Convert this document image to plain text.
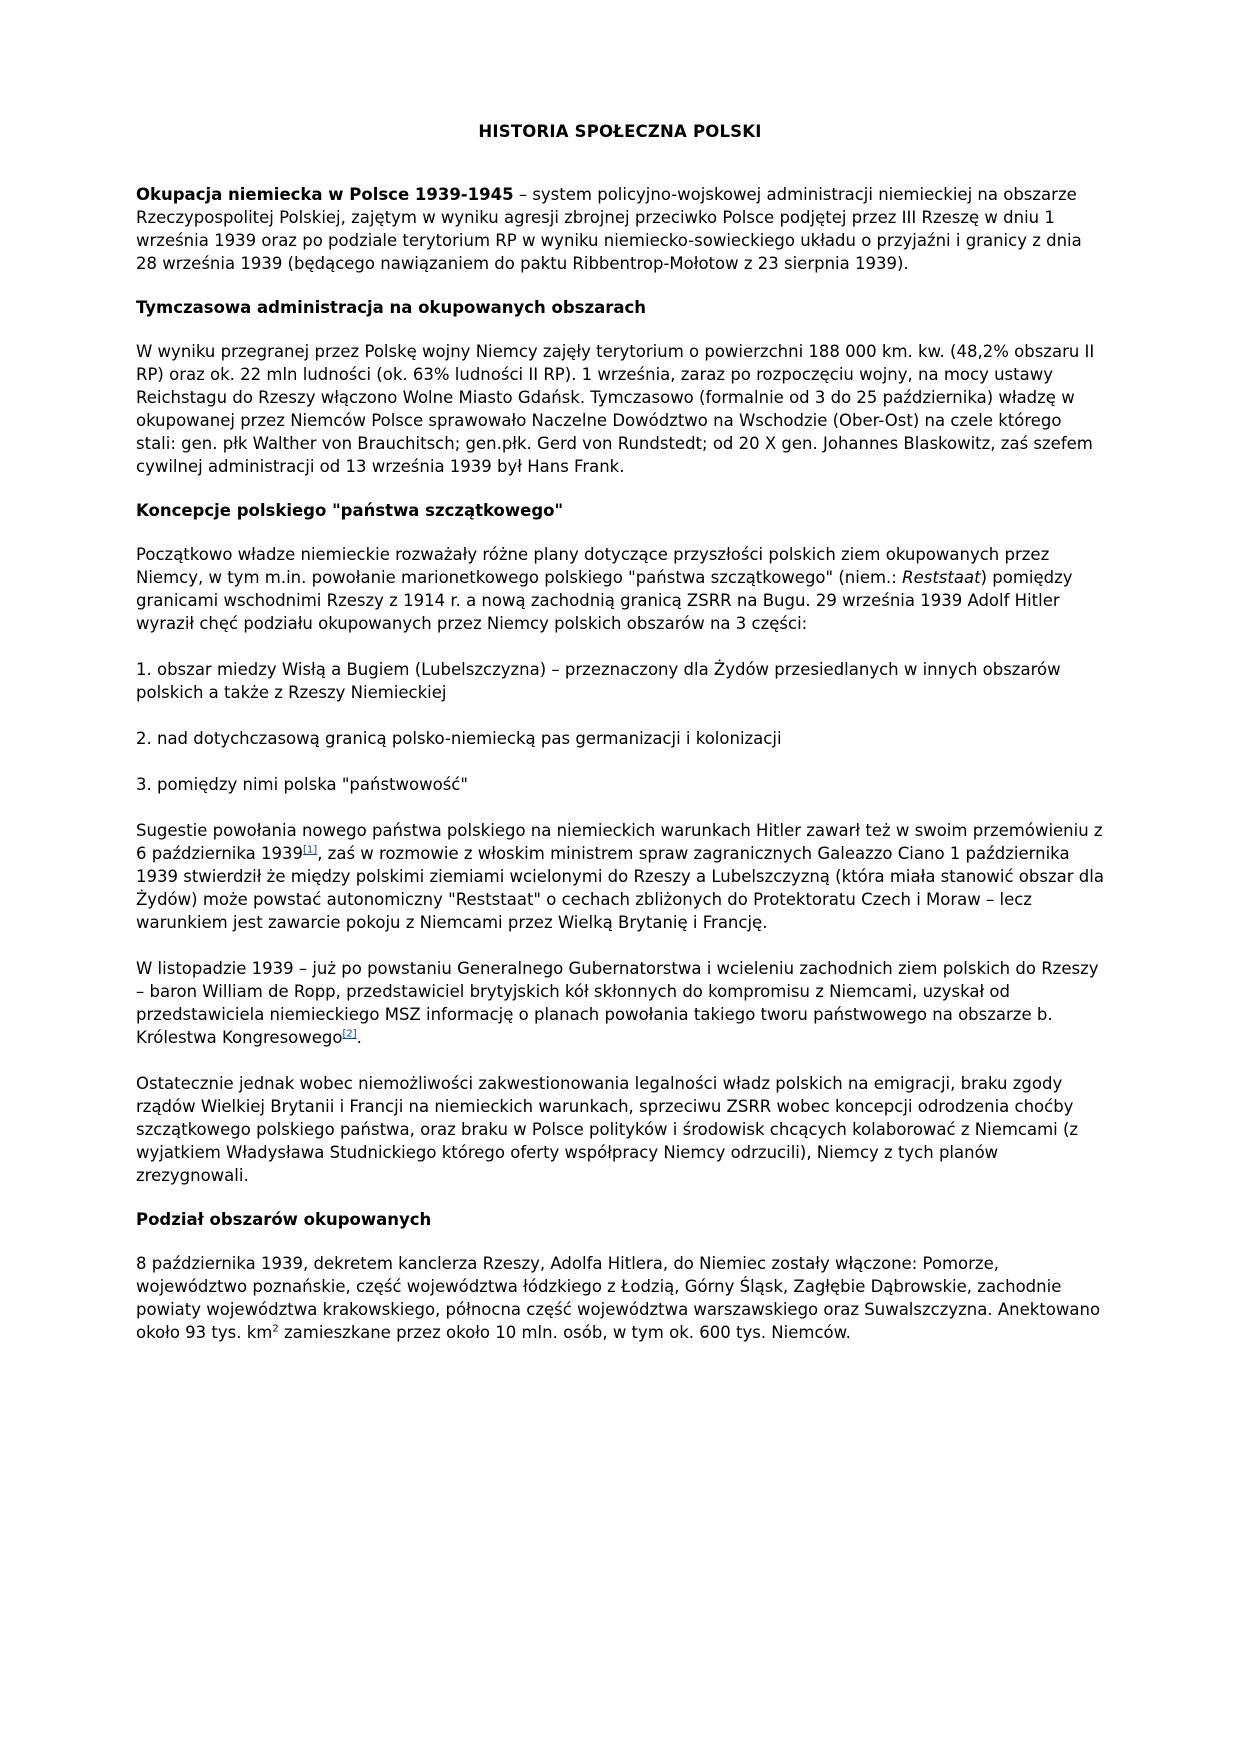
HISTORIA SPOŁECZNA POLSKI

Okupacja niemiecka w Polsce 1939-1945 – system policyjno-wojskowej administracji niemieckiej na obszarze Rzeczypospolitej Polskiej, zajętym w wyniku agresji zbrojnej przeciwko Polsce podjętej przez III Rzeszę w dniu 1 września 1939 oraz po podziale terytorium RP w wyniku niemiecko-sowieckiego układu o przyjaźni i granicy z dnia 28 września 1939 (będącego nawiązaniem do paktu Ribbentrop-Mołotow z 23 sierpnia 1939).

Tymczasowa administracja na okupowanych obszarach

W wyniku przegranej przez Polskę wojny Niemcy zajęły terytorium o powierzchni 188 000 km. kw. (48,2% obszaru II RP) oraz ok. 22 mln ludności (ok. 63% ludności II RP). 1 września, zaraz po rozpoczęciu wojny, na mocy ustawy Reichstagu do Rzeszy włączono Wolne Miasto Gdańsk. Tymczasowo (formalnie od 3 do 25 października) władzę w okupowanej przez Niemców Polsce sprawowało Naczelne Dowództwo na Wschodzie (Ober-Ost) na czele którego stali: gen. płk Walther von Brauchitsch; gen.płk. Gerd von Rundstedt; od 20 X gen. Johannes Blaskowitz, zaś szefem cywilnej administracji od 13 września 1939 był Hans Frank.

Koncepcje polskiego "państwa szczątkowego"

Początkowo władze niemieckie rozważały różne plany dotyczące przyszłości polskich ziem okupowanych przez Niemcy, w tym m.in. powołanie marionetkowego polskiego "państwa szczątkowego" (niem.: Reststaat) pomiędzy granicami wschodnimi Rzeszy z 1914 r. a nową zachodnią granicą ZSRR na Bugu. 29 września 1939 Adolf Hitler wyraził chęć podziału okupowanych przez Niemcy polskich obszarów na 3 części:

1. obszar miedzy Wisłą a Bugiem (Lubelszczyzna) – przeznaczony dla Żydów przesiedlanych w innych obszarów polskich a także z Rzeszy Niemieckiej

2. nad dotychczasową granicą polsko-niemiecką pas germanizacji i kolonizacji

3. pomiędzy nimi polska "państwowość"

Sugestie powołania nowego państwa polskiego na niemieckich warunkach Hitler zawarł też w swoim przemówieniu z 6 października 1939[1], zaś w rozmowie z włoskim ministrem spraw zagranicznych Galeazzo Ciano 1 października 1939 stwierdził że między polskimi ziemiami wcielonymi do Rzeszy a Lubelszczyzną (która miała stanowić obszar dla Żydów) może powstać autonomiczny "Reststaat" o cechach zbliżonych do Protektoratu Czech i Moraw – lecz warunkiem jest zawarcie pokoju z Niemcami przez Wielką Brytanię i Francję.

W listopadzie 1939 – już po powstaniu Generalnego Gubernatorstwa i wcieleniu zachodnich ziem polskich do Rzeszy – baron William de Ropp, przedstawiciel brytyjskich kół skłonnych do kompromisu z Niemcami, uzyskał od przedstawiciela niemieckiego MSZ informację o planach powołania takiego tworu państwowego na obszarze b. Królestwa Kongresowego[2].

Ostatecznie jednak wobec niemożliwości zakwestionowania legalności władz polskich na emigracji, braku zgody rządów Wielkiej Brytanii i Francji na niemieckich warunkach, sprzeciwu ZSRR wobec koncepcji odrodzenia choćby szczątkowego polskiego państwa, oraz braku w Polsce polityków i środowisk chcących kolaborować z Niemcami (z wyjatkiem Władysława Studnickiego którego oferty współpracy Niemcy odrzucili), Niemcy z tych planów zrezygnowali.

Podział obszarów okupowanych

8 października 1939, dekretem kanclerza Rzeszy, Adolfa Hitlera, do Niemiec zostały włączone: Pomorze, województwo poznańskie, część województwa łódzkiego z Łodzią, Górny Śląsk, Zagłębie Dąbrowskie, zachodnie powiaty województwa krakowskiego, północna część województwa warszawskiego oraz Suwalszczyzna. Anektowano około 93 tys. $km^2$ zamieszkane przez około 10 mln. osób, w tym ok. 600 tys. Niemców.
